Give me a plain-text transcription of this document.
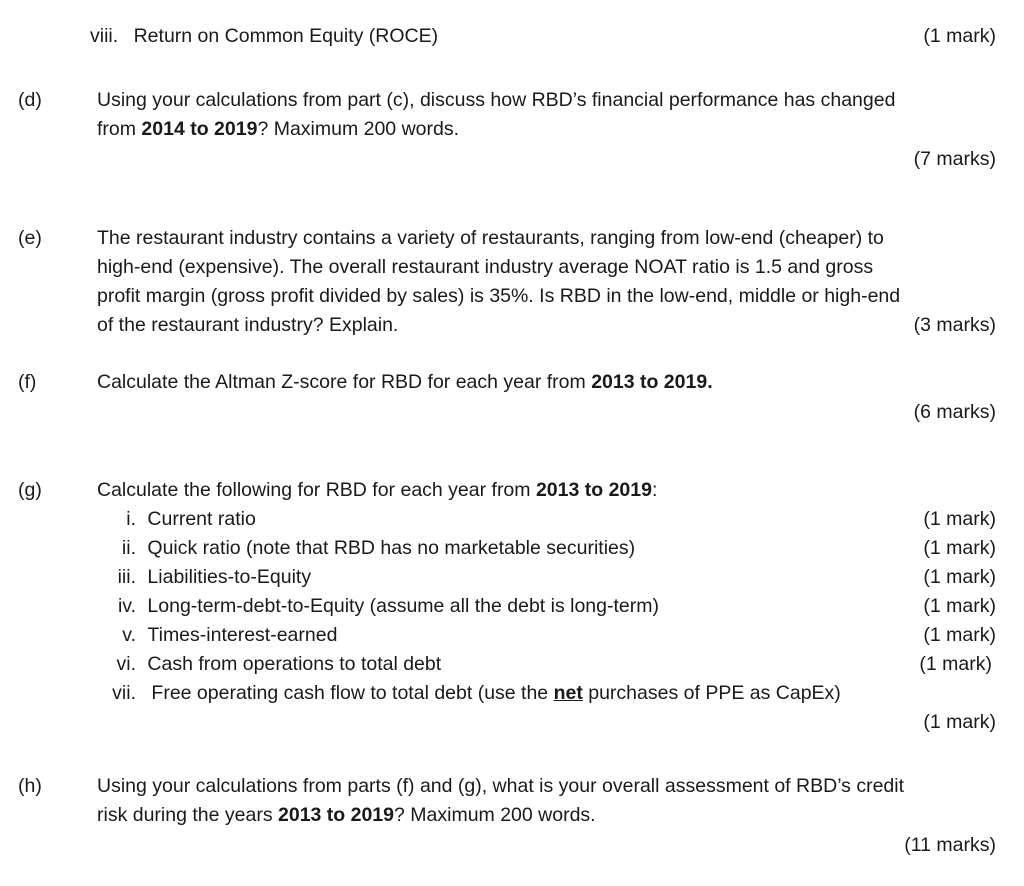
viii. Return on Common Equity (ROCE)	(1 mark)
(d)	Using your calculations from part (c), discuss how RBD’s financial performance has changed
from 2014 to 2019? Maximum 200 words.
(7 marks)
(e)	The restaurant industry contains a variety of restaurants, ranging from low-end (cheaper) to
high-end (expensive). The overall restaurant industry average NOAT ratio is 1.5 and gross
profit margin (gross profit divided by sales) is 35%. Is RBD in the low-end, middle or high-end
of the restaurant industry? Explain.	(3 marks)
(f)	Calculate the Altman Z-score for RBD for each year from 2013 to 2019.
(6 marks)
(g)	Calculate the following for RBD for each year from 2013 to 2019:
i. Current ratio	(1 mark)
ii. Quick ratio (note that RBD has no marketable securities)	(1 mark)
iii. Liabilities-to-Equity	(1 mark)
iv. Long-term-debt-to-Equity (assume all the debt is long-term)	(1 mark)
v. Times-interest-earned	(1 mark)
vi. Cash from operations to total debt	(1 mark)
vii. Free operating cash flow to total debt (use the net purchases of PPE as CapEx)
(1 mark)
(h)	Using your calculations from parts (f) and (g), what is your overall assessment of RBD’s credit
risk during the years 2013 to 2019? Maximum 200 words.
(11 marks)
